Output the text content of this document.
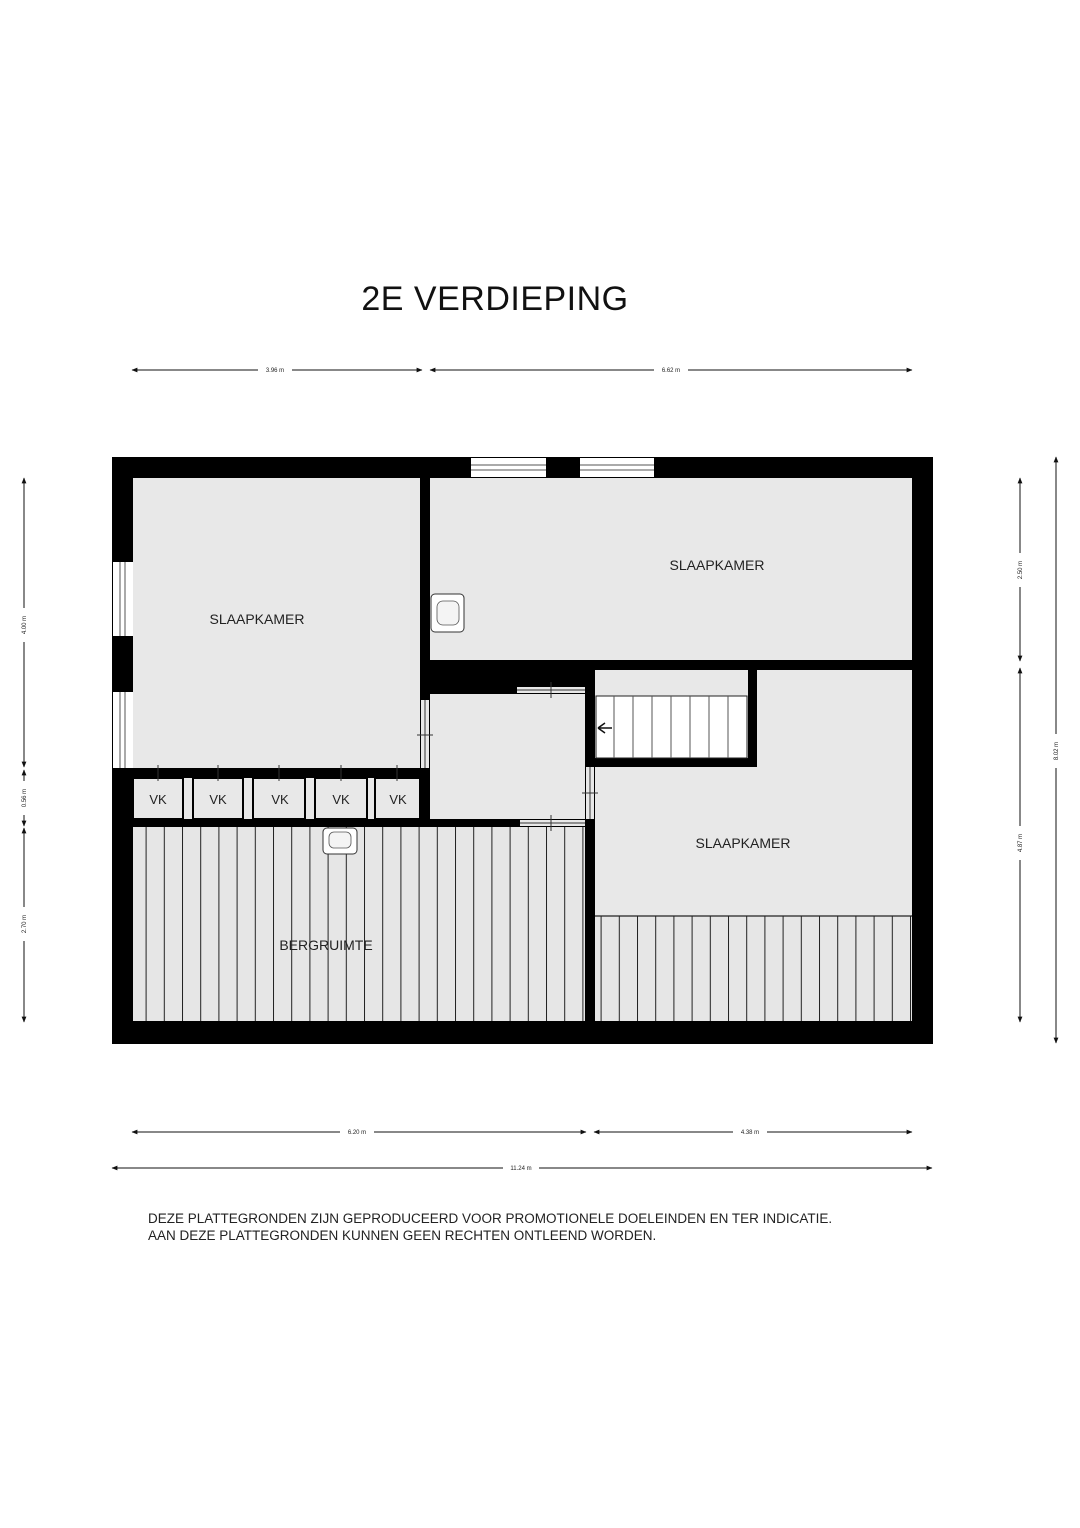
2E VERDIEPING
VK	VK	VK	VK	VK
SLAAPKAMER
SLAAPKAMER
SLAAPKAMER
BERGRUIMTE
3.96 m	6.62 m
6.20 m	4.38 m
11.24 m
4.00 m
0.56 m
2.70 m
2.50 m
4.87 m
8.02 m
DEZE PLATTEGRONDEN ZIJN GEPRODUCEERD VOOR PROMOTIONELE DOELEINDEN EN TER INDICATIE.
AAN DEZE PLATTEGRONDEN KUNNEN GEEN RECHTEN ONTLEEND WORDEN.
